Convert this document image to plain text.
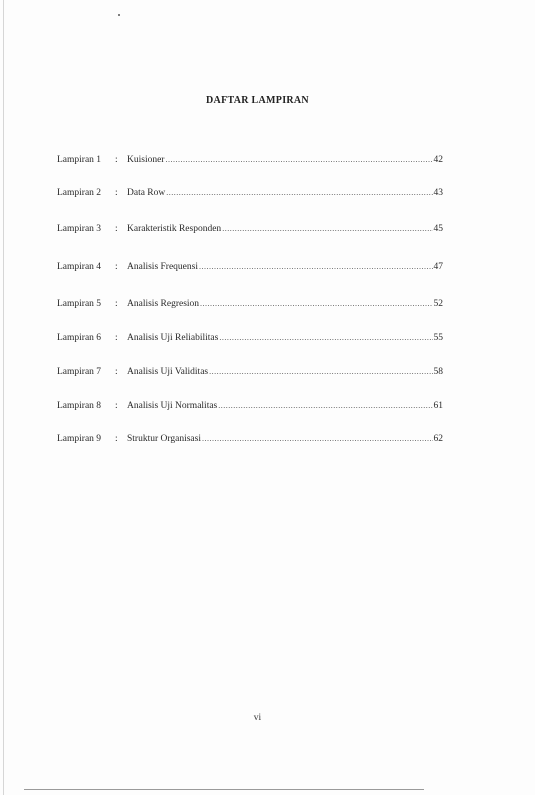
DAFTAR LAMPIRAN
Lampiran 1	: Kuisioner .....	42
Lampiran 2	: Data Row .....	43
Lampiran 3	: Karakteristik Responden .....	45
Lampiran 4	: Analisis Frequensi .....	47
Lampiran 5	: Analisis Regresion .....	52
Lampiran 6	: Analisis Uji Reliabilitas .....	55
Lampiran 7	: Analisis Uji Validitas .....	58
Lampiran 8	: Analisis Uji Normalitas .....	61
Lampiran 9	: Struktur Organisasi .....	62
vi
